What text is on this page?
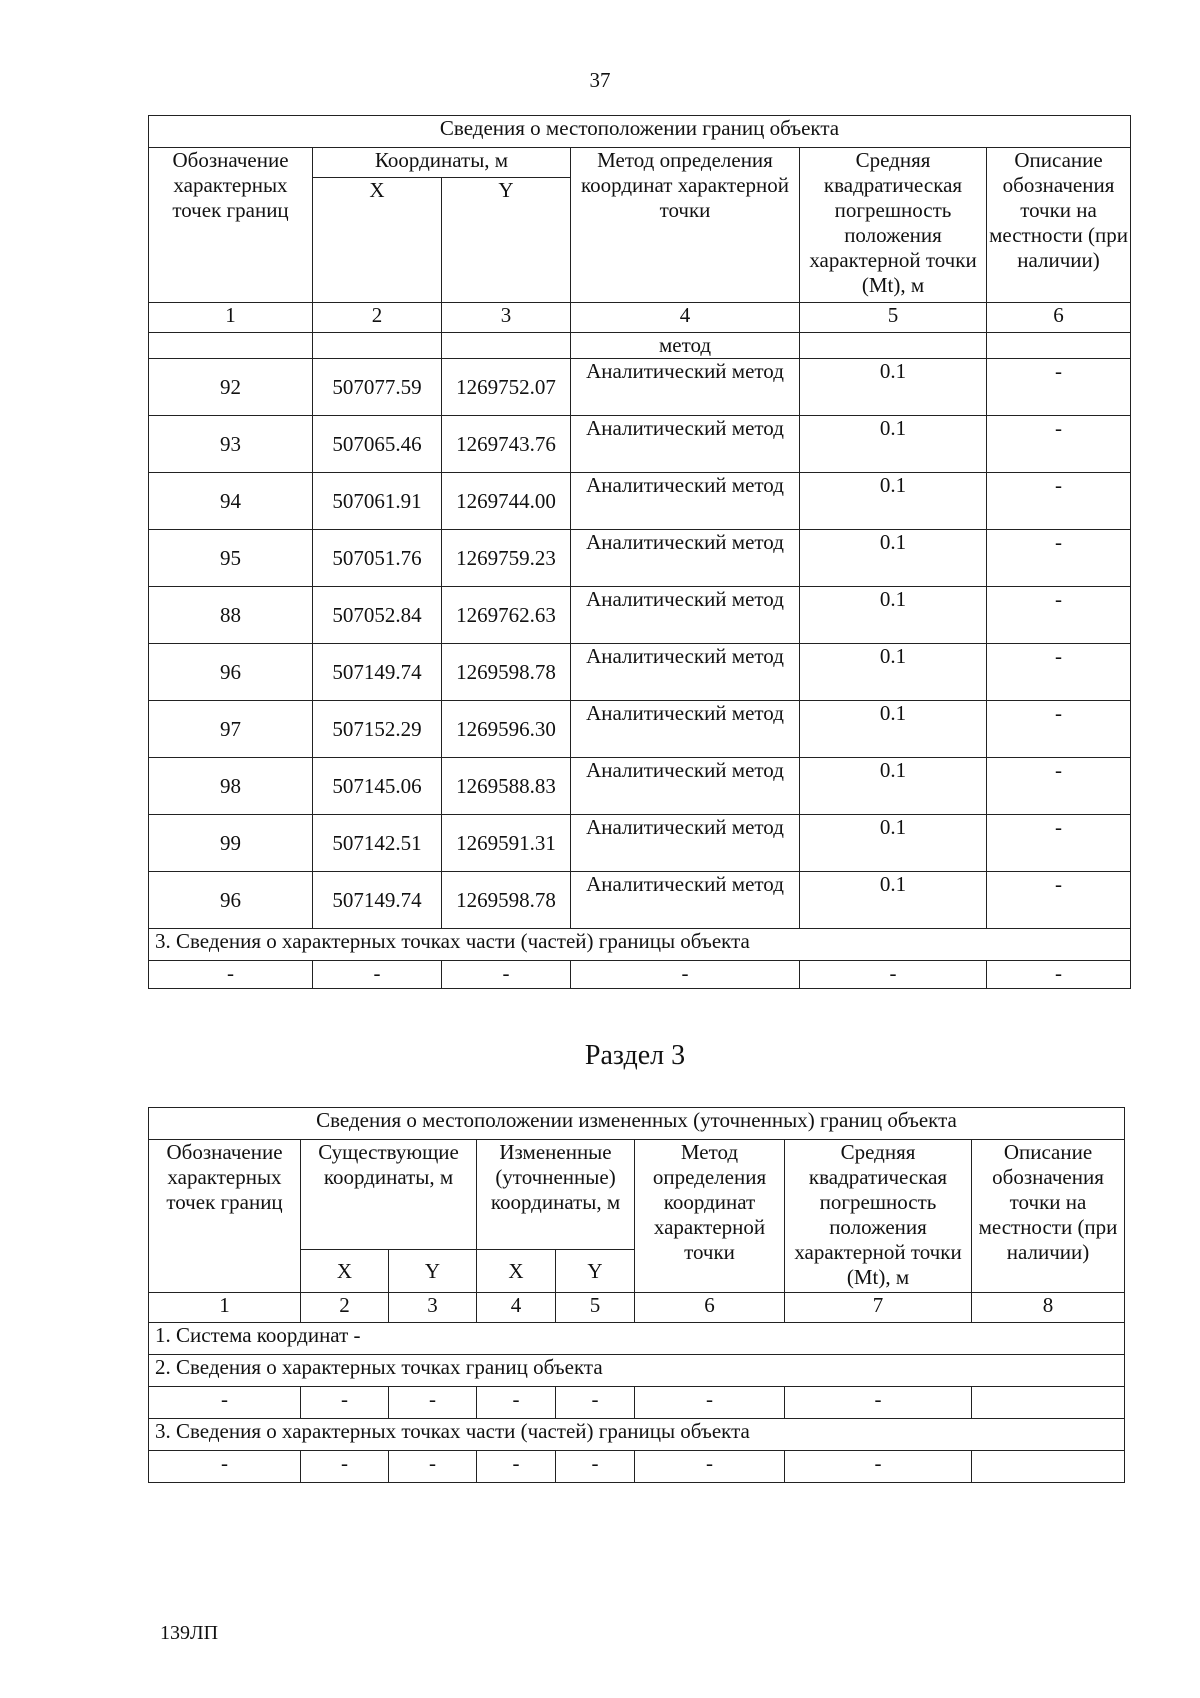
37
Сведения о местоположении границ объекта					
Обозначение характерных точек границ	Координаты, м		Метод определения координат характерной точки	Средняя квадратическая погрешность положения характерной точки (Mt), м	Описание обозначения точки на местности (при наличии)
	X	Y			
1	2	3	4	5	6
			метод		
92	507077.59	1269752.07	Аналитический метод	0.1	-
93	507065.46	1269743.76	Аналитический метод	0.1	-
94	507061.91	1269744.00	Аналитический метод	0.1	-
95	507051.76	1269759.23	Аналитический метод	0.1	-
88	507052.84	1269762.63	Аналитический метод	0.1	-
96	507149.74	1269598.78	Аналитический метод	0.1	-
97	507152.29	1269596.30	Аналитический метод	0.1	-
98	507145.06	1269588.83	Аналитический метод	0.1	-
99	507142.51	1269591.31	Аналитический метод	0.1	-
96	507149.74	1269598.78	Аналитический метод	0.1	-
3. Сведения о характерных точках части (частей) границы объекта					
-	-	-	-	-	-
Раздел 3
Сведения о местоположении измененных (уточненных) границ объекта							
Обозначение характерных точек границ	Существующие координаты, м		Измененные (уточненные) координаты, м		Метод определения координат характерной точки	Средняя квадратическая погрешность положения характерной точки (Mt), м	Описание обозначения точки на местности (при наличии)
	X	Y	X	Y			
1	2	3	4	5	6	7	8
1. Система координат -							
2. Сведения о характерных точках границ объекта							
-	-	-	-	-	-	-	
3. Сведения о характерных точках части (частей) границы объекта							
-	-	-	-	-	-	-	
139ЛП
